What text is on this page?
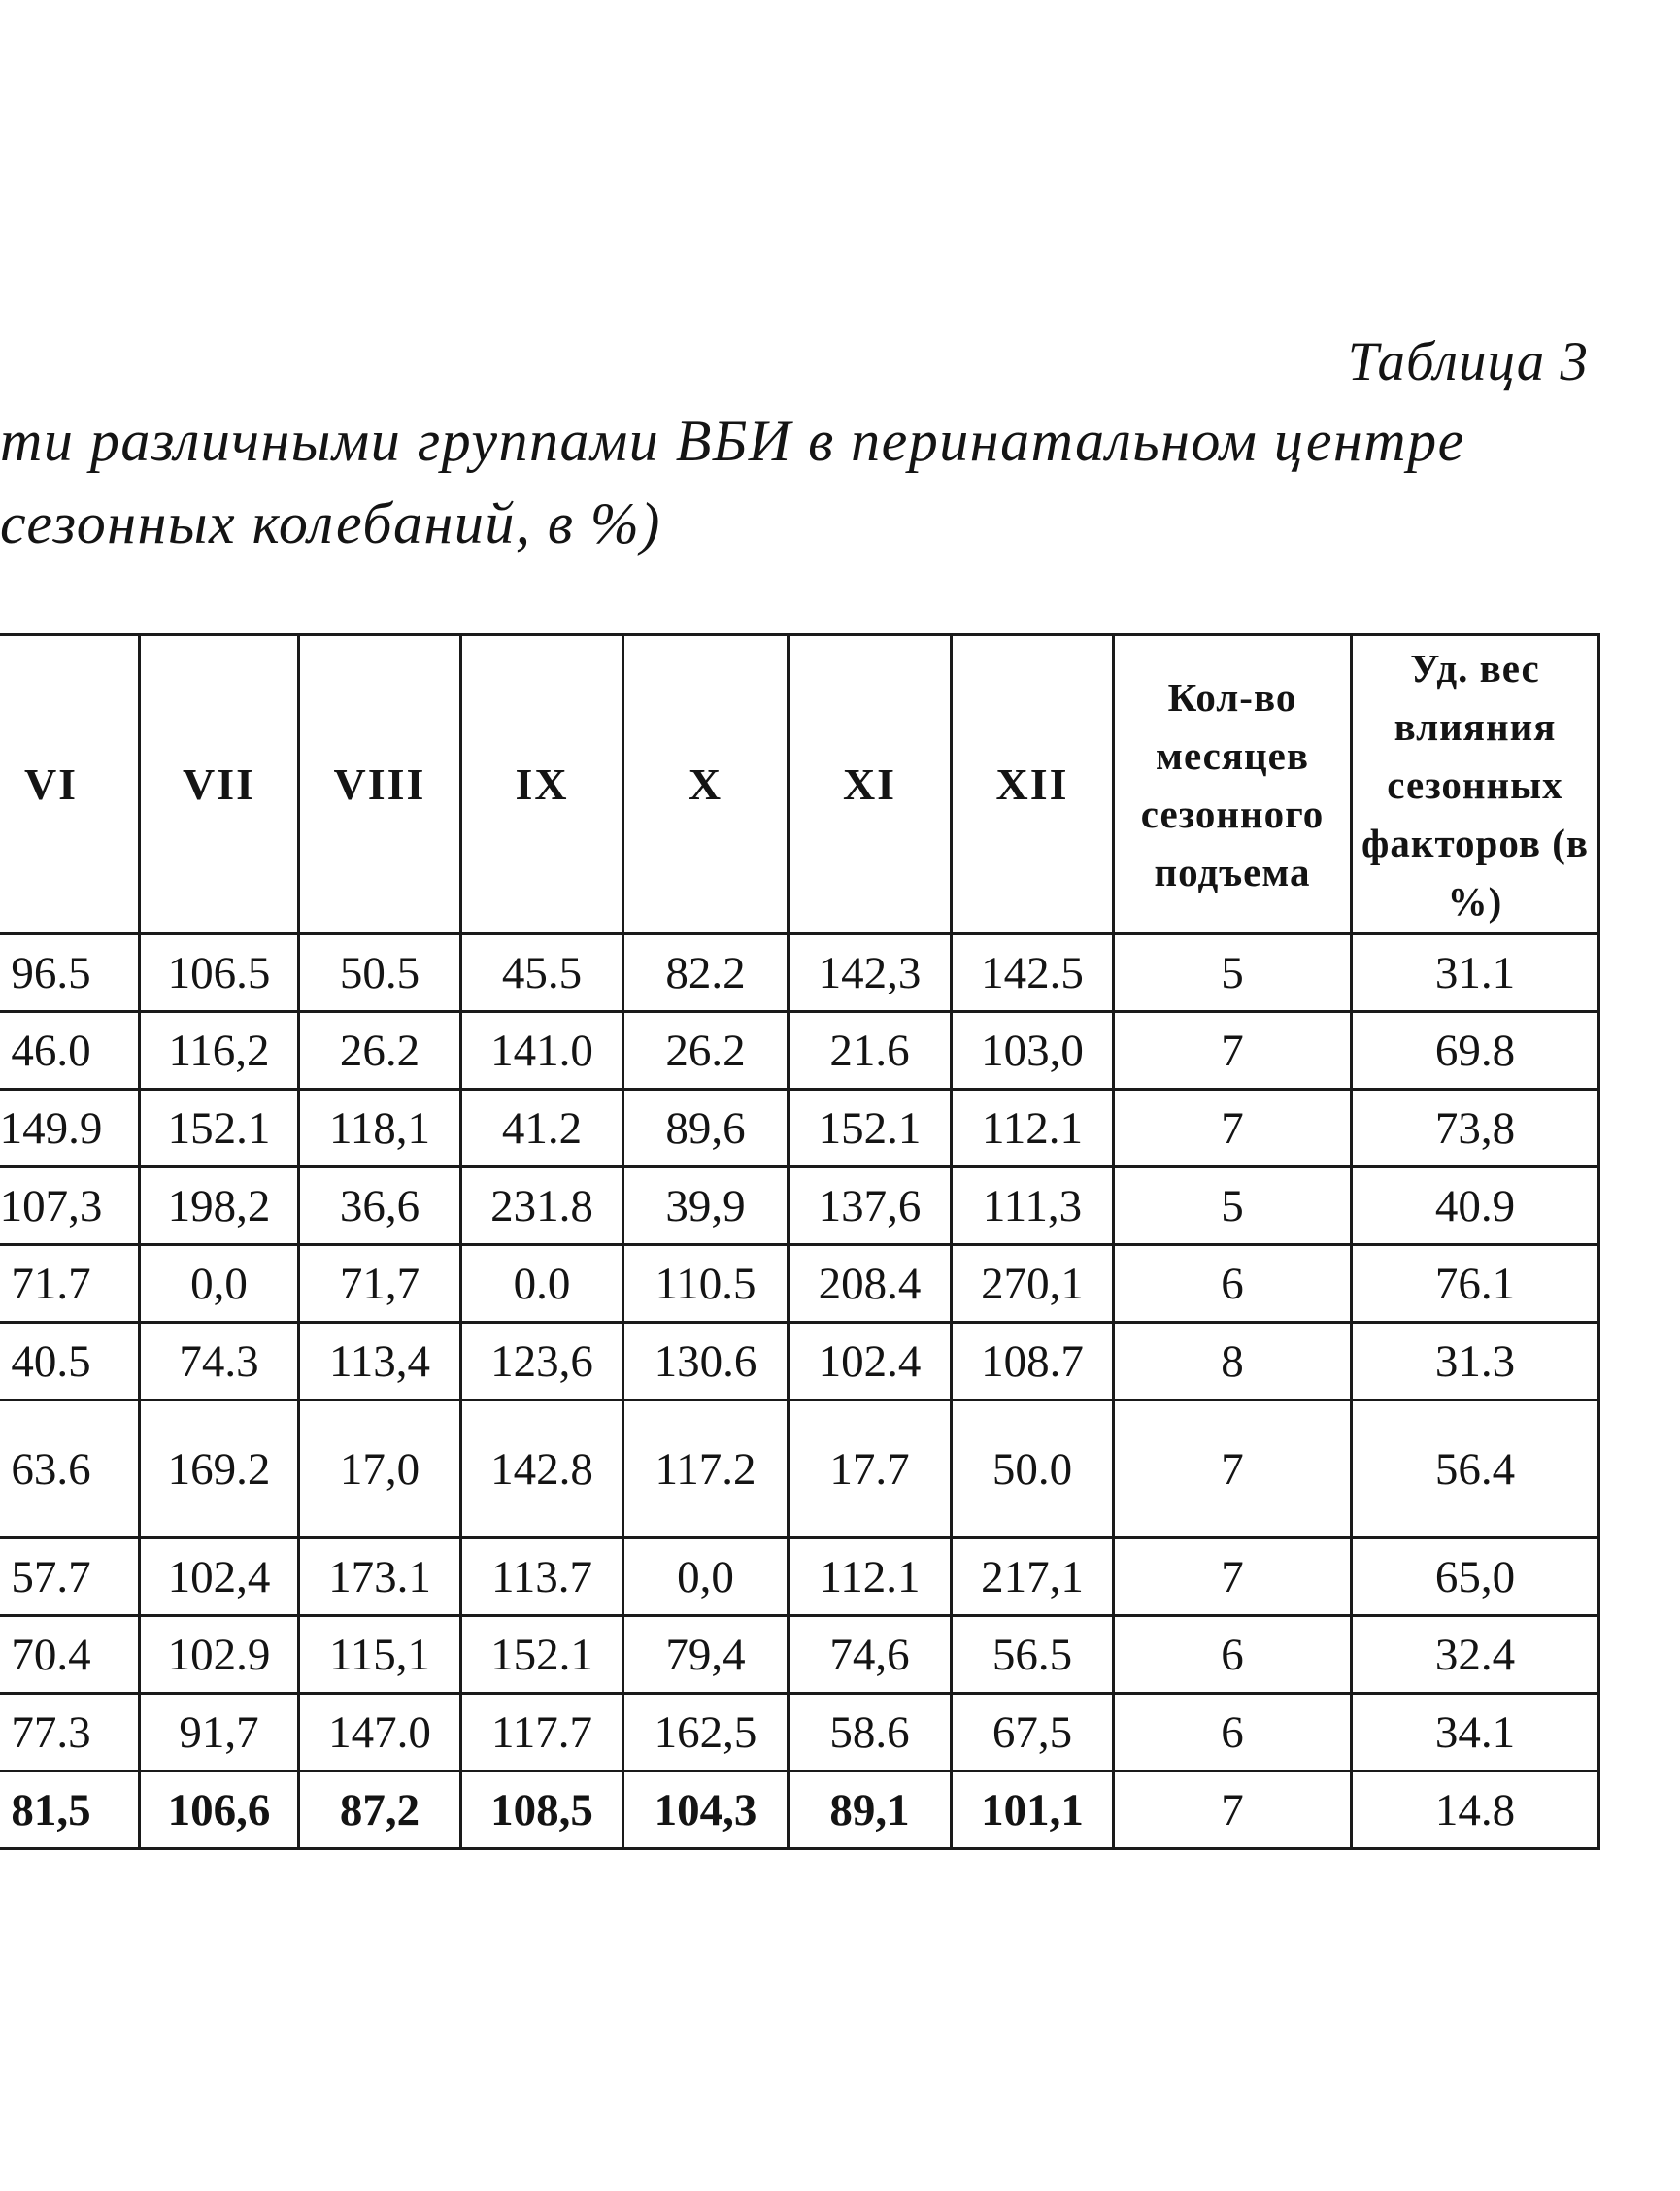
Таблица 3
ти различными группами ВБИ в перинатальном центре
сезонных колебаний, в %)
VI	VII	VIII	IX	X	XI	XII	Кол-во месяцев сезонного подъема	Уд. вес влияния сезонных факторов (в %)
96.5	106.5	50.5	45.5	82.2	142,3	142.5	5	31.1
46.0	116,2	26.2	141.0	26.2	21.6	103,0	7	69.8
149.9	152.1	118,1	41.2	89,6	152.1	112.1	7	73,8
107,3	198,2	36,6	231.8	39,9	137,6	111,3	5	40.9
71.7	0,0	71,7	0.0	110.5	208.4	270,1	6	76.1
40.5	74.3	113,4	123,6	130.6	102.4	108.7	8	31.3
63.6	169.2	17,0	142.8	117.2	17.7	50.0	7	56.4
57.7	102,4	173.1	113.7	0,0	112.1	217,1	7	65,0
70.4	102.9	115,1	152.1	79,4	74,6	56.5	6	32.4
77.3	91,7	147.0	117.7	162,5	58.6	67,5	6	34.1
81,5	106,6	87,2	108,5	104,3	89,1	101,1	7	14.8
